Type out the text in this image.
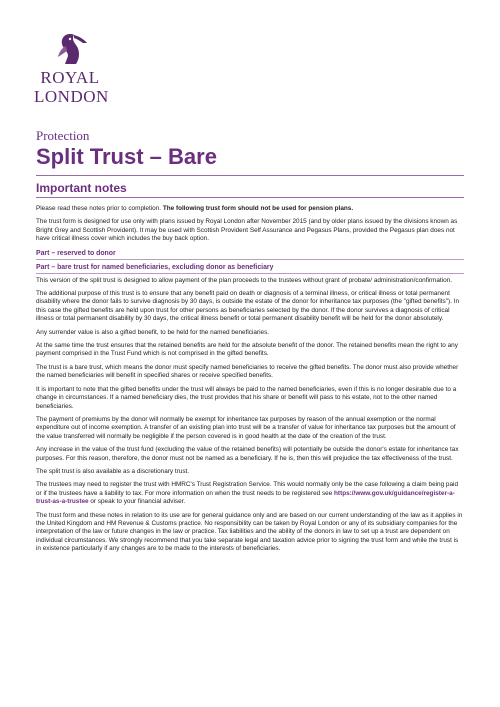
ROYAL
LONDON
Protection
Split Trust – Bare
Important notes

Please read these notes prior to completion. The following trust form should not be used for pension plans.

The trust form is designed for use only with plans issued by Royal London after November 2015 (and by older plans issued by the divisions known as Bright Grey and Scottish Provident). It may be used with Scottish Provident Self Assurance and Pegasus Plans, provided the Pegasus plan does not have critical illness cover which includes the buy back option.

Part – reserved to donor
Part – bare trust for named beneficiaries, excluding donor as beneficiary

This version of the split trust is designed to allow payment of the plan proceeds to the trustees without grant of probate/ administration/confirmation.

The additional purpose of this trust is to ensure that any benefit paid on death or diagnosis of a terminal illness, or critical illness or total permanent disability where the donor fails to survive diagnosis by 30 days, is outside the estate of the donor for inheritance tax purposes (the "gifted benefits"). In this case the gifted benefits are held upon trust for other persons as beneficiaries selected by the donor. If the donor survives a diagnosis of critical illness or total permanent disability by 30 days, the critical illness benefit or total permanent disability benefit will be held for the donor absolutely.

Any surrender value is also a gifted benefit, to be held for the named beneficiaries.

At the same time the trust ensures that the retained benefits are held for the absolute benefit of the donor. The retained benefits mean the right to any payment comprised in the Trust Fund which is not comprised in the gifted benefits.

The trust is a bare trust, which means the donor must specify named beneficiaries to receive the gifted benefits. The donor must also provide whether the named beneficiaries will benefit in specified shares or receive specified benefits.

It is important to note that the gifted benefits under the trust will always be paid to the named beneficiaries, even if this is no longer desirable due to a change in circumstances. If a named beneficiary dies, the trust provides that his share or benefit will pass to his estate, not to the other named beneficiaries.

The payment of premiums by the donor will normally be exempt for inheritance tax purposes by reason of the annual exemption or the normal expenditure out of income exemption. A transfer of an existing plan into trust will be a transfer of value for inheritance tax purposes but the amount of the value transferred will normally be negligible if the person covered is in good health at the date of the creation of the trust.

Any increase in the value of the trust fund (excluding the value of the retained benefits) will potentially be outside the donor's estate for inheritance tax purposes. For this reason, therefore, the donor must not be named as a beneficiary. If he is, then this will prejudice the tax effectiveness of the trust.

The split trust is also available as a discretionary trust.

The trustees may need to register the trust with HMRC's Trust Registration Service. This would normally only be the case following a claim being paid or if the trustees have a liability to tax. For more information on when the trust needs to be registered see https://www.gov.uk/guidance/register-a-trust-as-a-trustee or speak to your financial adviser.

The trust form and these notes in relation to its use are for general guidance only and are based on our current understanding of the law as it applies in the United Kingdom and HM Revenue & Customs practice. No responsibility can be taken by Royal London or any of its subsidiary companies for the interpretation of the law or future changes in the law or practice. Tax liabilities and the ability of the donors in law to set up a trust are dependent on individual circumstances. We strongly recommend that you take separate legal and taxation advice prior to signing the trust form and while the trust is in existence particularly if any changes are to be made to the interests of beneficiaries.
